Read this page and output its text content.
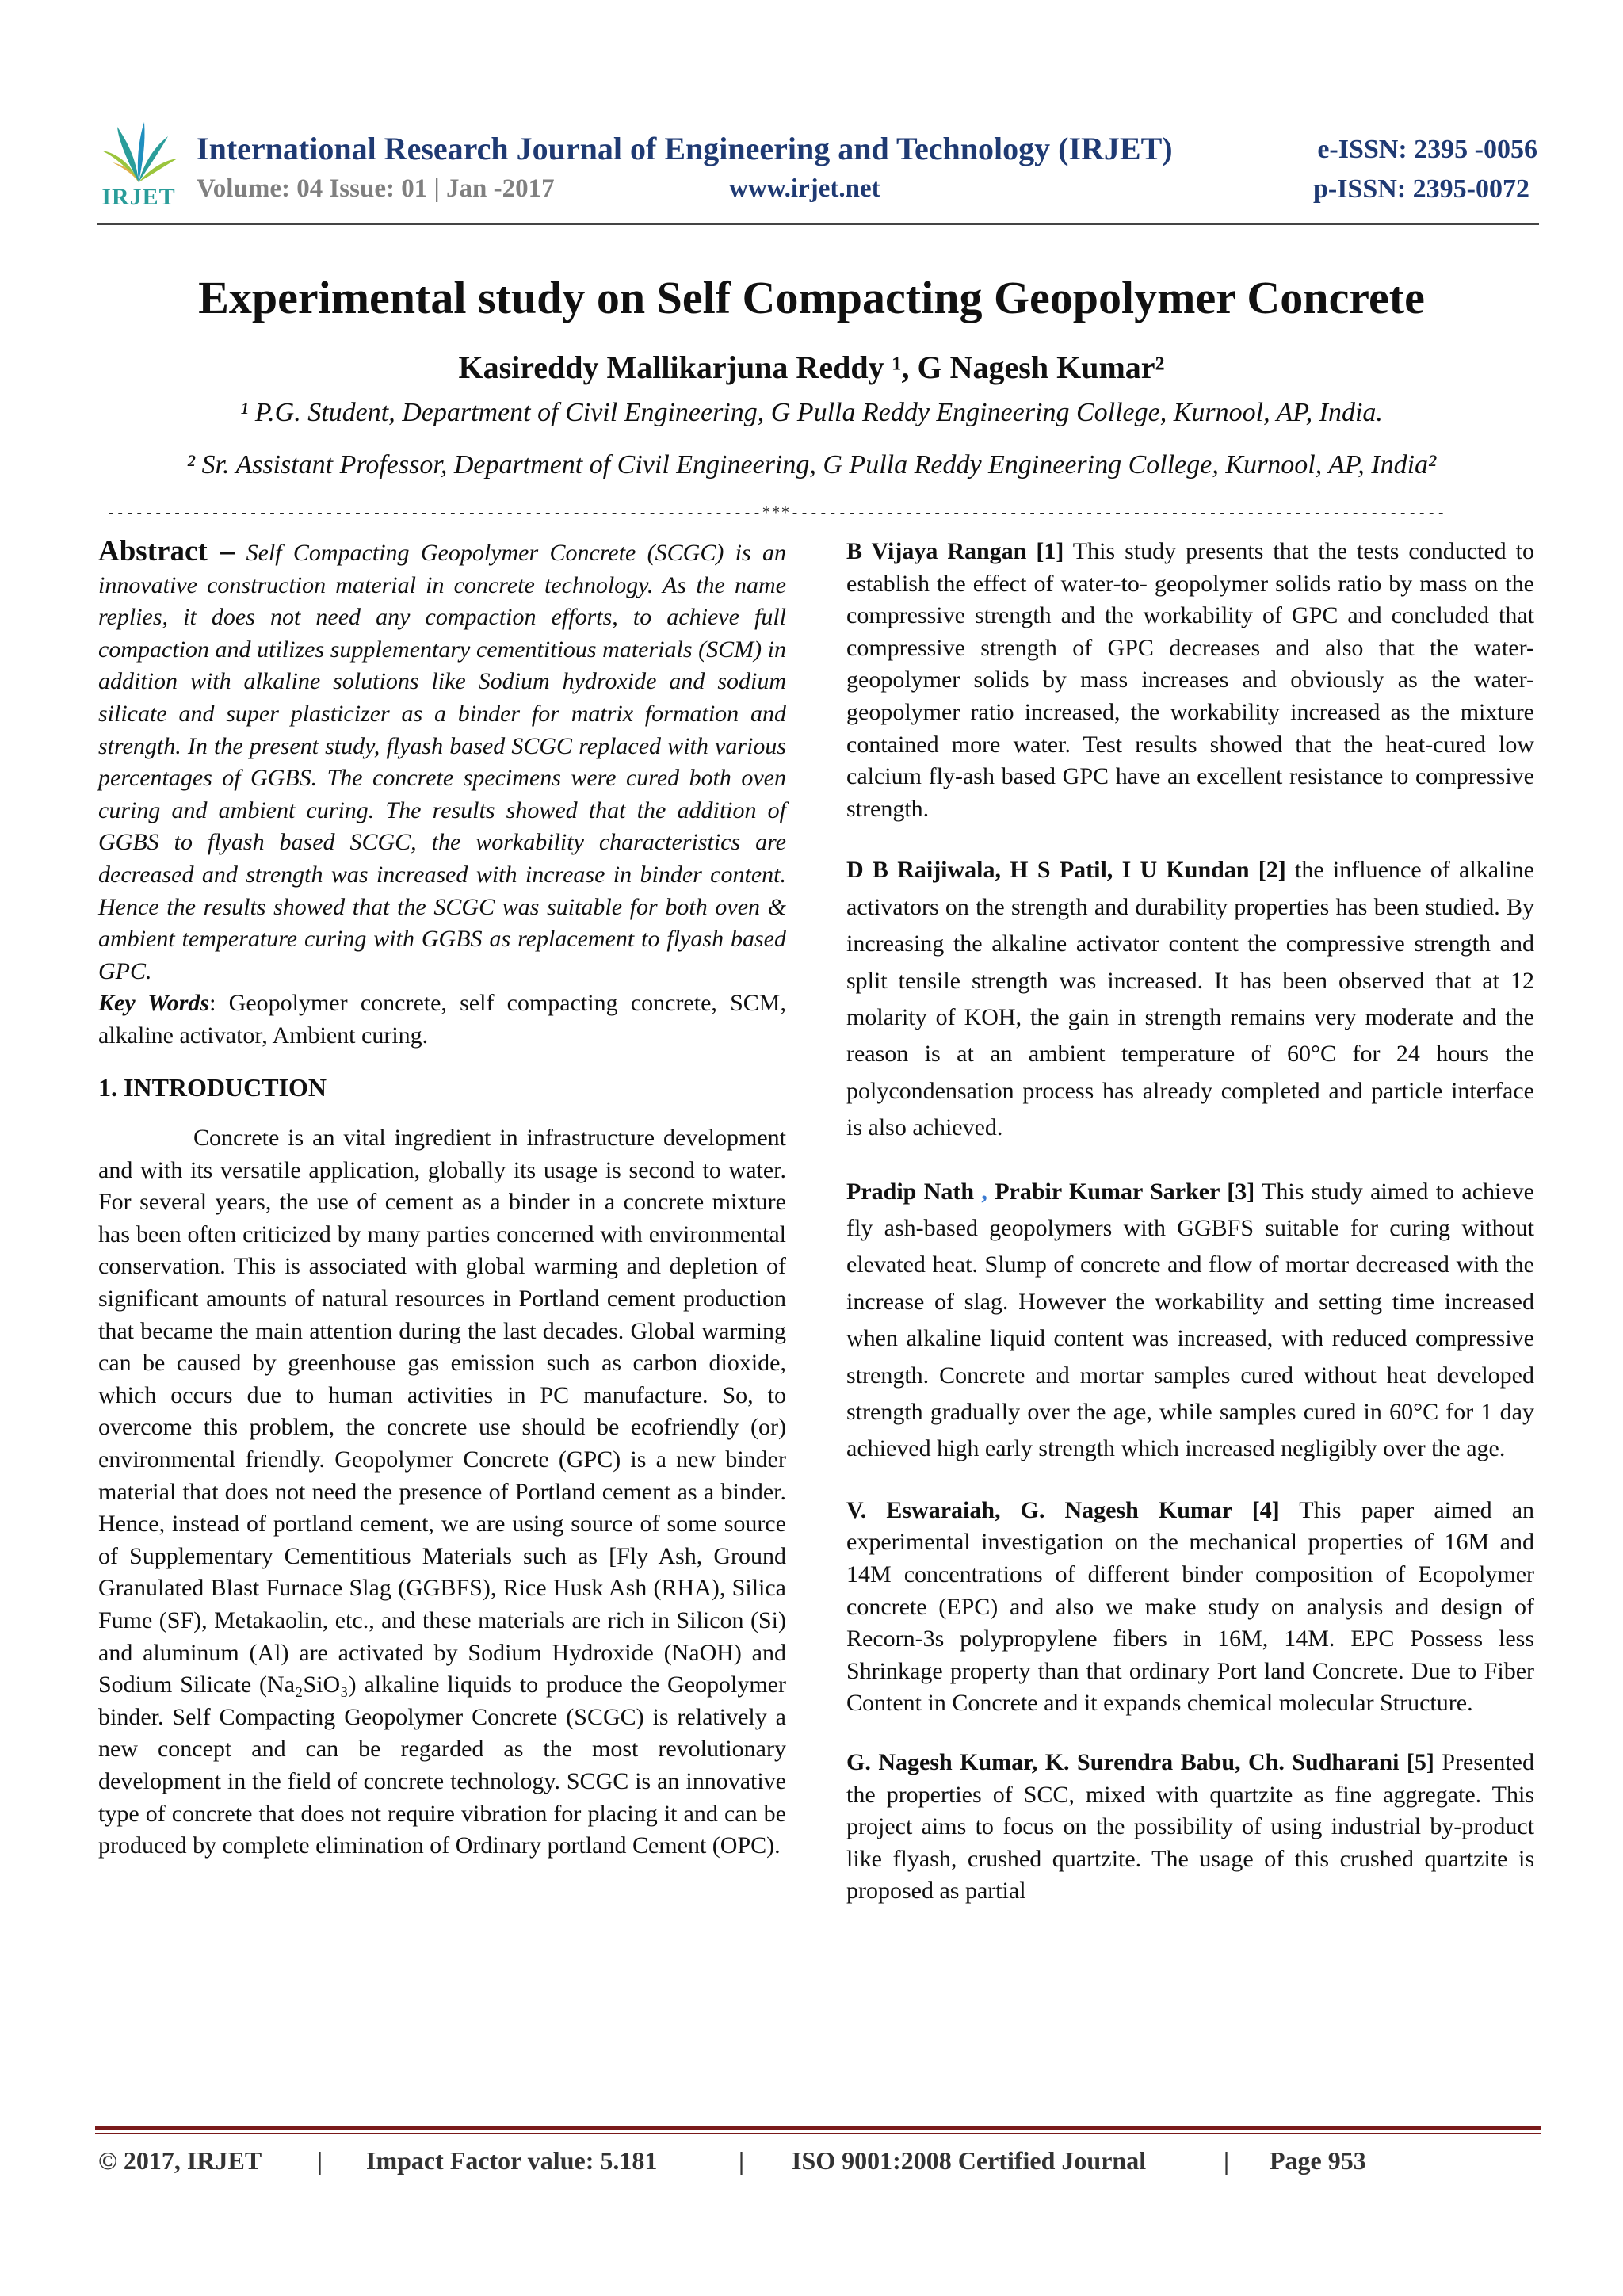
IRJET
International Research Journal of Engineering and Technology (IRJET)	e-ISSN: 2395 -0056
Volume: 04 Issue: 01 | Jan -2017	www.irjet.net	p-ISSN: 2395-0072
Experimental study on Self Compacting Geopolymer Concrete
Kasireddy Mallikarjuna Reddy ¹, G Nagesh Kumar²
¹ P.G. Student, Department of Civil Engineering, G Pulla Reddy Engineering College, Kurnool, AP, India.
² Sr. Assistant Professor, Department of Civil Engineering, G Pulla Reddy Engineering College, Kurnool, AP, India²
---------------------------------------------------------------------***---------------------------------------------------------------------

Abstract – Self Compacting Geopolymer Concrete (SCGC) is an innovative construction material in concrete technology. As the name replies, it does not need any compaction efforts, to achieve full compaction and utilizes supplementary cementitious materials (SCM) in addition with alkaline solutions like Sodium hydroxide and sodium silicate and super plasticizer as a binder for matrix formation and strength. In the present study, flyash based SCGC replaced with various percentages of GGBS. The concrete specimens were cured both oven curing and ambient curing. The results showed that the addition of GGBS to flyash based SCGC, the workability characteristics are decreased and strength was increased with increase in binder content. Hence the results showed that the SCGC was suitable for both oven & ambient temperature curing with GGBS as replacement to flyash based GPC.

Key Words: Geopolymer concrete, self compacting concrete, SCM, alkaline activator, Ambient curing.

1. INTRODUCTION

Concrete is an vital ingredient in infrastructure development and with its versatile application, globally its usage is second to water. For several years, the use of cement as a binder in a concrete mixture has been often criticized by many parties concerned with environmental conservation. This is associated with global warming and depletion of significant amounts of natural resources in Portland cement production that became the main attention during the last decades. Global warming can be caused by greenhouse gas emission such as carbon dioxide, which occurs due to human activities in PC manufacture. So, to overcome this problem, the concrete use should be ecofriendly (or) environmental friendly. Geopolymer Concrete (GPC) is a new binder material that does not need the presence of Portland cement as a binder. Hence, instead of portland cement, we are using source of some source of Supplementary Cementitious Materials such as [Fly Ash, Ground Granulated Blast Furnace Slag (GGBFS), Rice Husk Ash (RHA), Silica Fume (SF), Metakaolin, etc., and these materials are rich in Silicon (Si) and aluminum (Al) are activated by Sodium Hydroxide (NaOH) and Sodium Silicate (Na₂SiO₃) alkaline liquids to produce the Geopolymer binder. Self Compacting Geopolymer Concrete (SCGC) is relatively a new concept and can be regarded as the most revolutionary development in the field of concrete technology. SCGC is an innovative type of concrete that does not require vibration for placing it and can be produced by complete elimination of Ordinary portland Cement (OPC).

B Vijaya Rangan [1] This study presents that the tests conducted to establish the effect of water-to- geopolymer solids ratio by mass on the compressive strength and the workability of GPC and concluded that compressive strength of GPC decreases and also that the water-geopolymer solids by mass increases and obviously as the water- geopolymer ratio increased, the workability increased as the mixture contained more water. Test results showed that the heat-cured low calcium fly-ash based GPC have an excellent resistance to compressive strength.

D B Raijiwala, H S Patil, I U Kundan [2] the influence of alkaline activators on the strength and durability properties has been studied. By increasing the alkaline activator content the compressive strength and split tensile strength was increased. It has been observed that at 12 molarity of KOH, the gain in strength remains very moderate and the reason is at an ambient temperature of 60°C for 24 hours the polycondensation process has already completed and particle interface is also achieved.

Pradip Nath , Prabir Kumar Sarker [3] This study aimed to achieve fly ash-based geopolymers with GGBFS suitable for curing without elevated heat. Slump of concrete and flow of mortar decreased with the increase of slag. However the workability and setting time increased when alkaline liquid content was increased, with reduced compressive strength. Concrete and mortar samples cured without heat developed strength gradually over the age, while samples cured in 60°C for 1 day achieved high early strength which increased negligibly over the age.

V. Eswaraiah, G. Nagesh Kumar [4] This paper aimed an experimental investigation on the mechanical properties of 16M and 14M concentrations of different binder composition of Ecopolymer concrete (EPC) and also we make study on analysis and design of Recorn-3s polypropylene fibers in 16M, 14M. EPC Possess less Shrinkage property than that ordinary Port land Concrete. Due to Fiber Content in Concrete and it expands chemical molecular Structure.

G. Nagesh Kumar, K. Surendra Babu, Ch. Sudharani [5] Presented the properties of SCC, mixed with quartzite as fine aggregate. This project aims to focus on the possibility of using industrial by-product like flyash, crushed quartzite. The usage of this crushed quartzite is proposed as partial

© 2017, IRJET | Impact Factor value: 5.181	| ISO 9001:2008 Certified Journal	| Page 953
